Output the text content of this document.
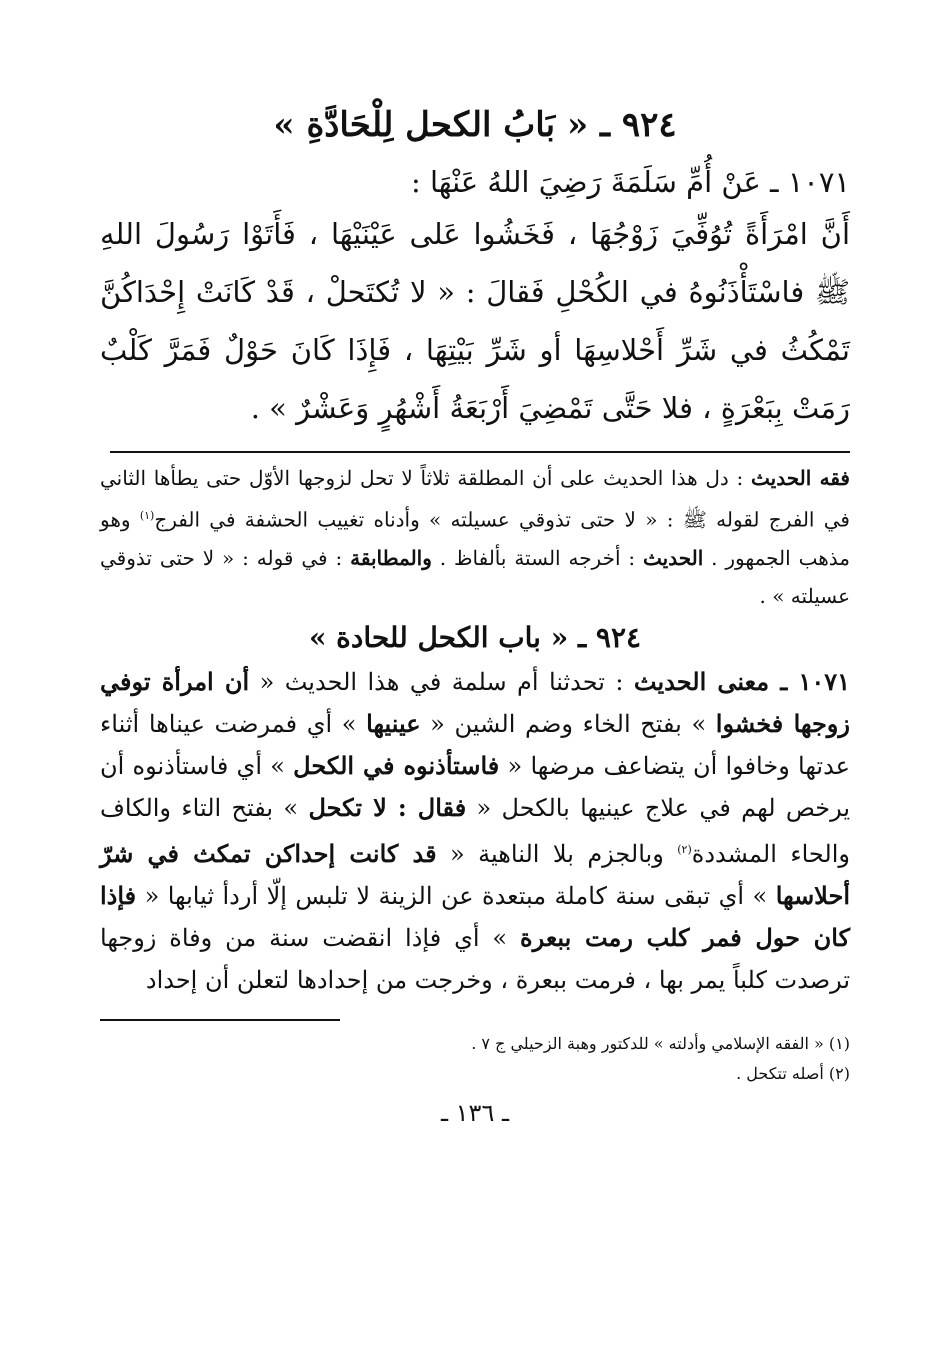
٩٢٤ ـ « بَابُ الكحل لِلْحَادَّةِ »

١٠٧١ ـ عَنْ أُمِّ سَلَمَةَ رَضِيَ اللهُ عَنْهَا :

أَنَّ امْرَأَةً تُوُفِّيَ زَوْجُهَا ، فَخَشُوا عَلى عَيْنَيْهَا ، فَأَتَوْا رَسُولَ اللهِ ﷺ فاسْتَأْذَنُوهُ في الكُحْلِ فَقالَ : « لا تُكتَحلْ ، قَدْ كَانَتْ إِحْدَاكُنَّ تَمْكُثُ في شَرِّ أَحْلاسِهَا أو شَرِّ بَيْتِهَا ، فَإِذَا كَانَ حَوْلٌ فَمَرَّ كَلْبٌ رَمَتْ بِبَعْرَةٍ ، فلا حَتَّى تَمْضِيَ أَرْبَعَةُ أَشْهُرٍ وَعَشْرٌ » .

فقه الحديث : دل هذا الحديث على أن المطلقة ثلاثاً لا تحل لزوجها الأوّل حتى يطأها الثاني في الفرج لقوله ﷺ : « لا حتى تذوقي عسيلته » وأدناه تغييب الحشفة في الفرج$^{(١)}$ وهو مذهب الجمهور . الحديث : أخرجه الستة بألفاظ . والمطابقة : في قوله : « لا حتى تذوقي عسيلته » .

٩٢٤ ـ « باب الكحل للحادة »

١٠٧١ ـ معنى الحديث : تحدثنا أم سلمة في هذا الحديث « أن امرأة توفي زوجها فخشوا » بفتح الخاء وضم الشين « عينيها » أي فمرضت عيناها أثناء عدتها وخافوا أن يتضاعف مرضها « فاستأذنوه في الكحل » أي فاستأذنوه أن يرخص لهم في علاج عينيها بالكحل « فقال : لا تكحل » بفتح التاء والكاف والحاء المشددة$^{(٢)}$ وبالجزم بلا الناهية « قد كانت إحداكن تمكث في شرّ أحلاسها » أي تبقى سنة كاملة مبتعدة عن الزينة لا تلبس إلّا أردأ ثيابها « فإذا كان حول فمر كلب رمت ببعرة » أي فإذا انقضت سنة من وفاة زوجها ترصدت كلباً يمر بها ، فرمت ببعرة ، وخرجت من إحدادها لتعلن أن إحداد

(١) « الفقه الإسلامي وأدلته » للدكتور وهبة الزحيلي ج ٧ .
(٢) أصله تتكحل .
ـ ١٣٦ ـ
